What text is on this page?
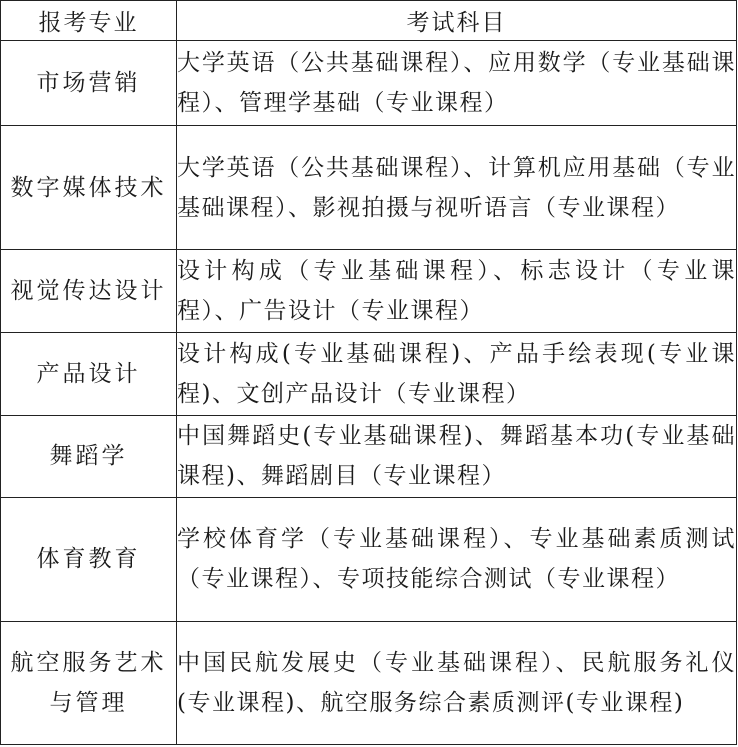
报考专业	考试科目
市场营销	大学英语（公共基础课程）、应用数学（专业基础课程）、管理学基础（专业课程）
数字媒体技术	大学英语（公共基础课程）、计算机应用基础（专业基础课程）、影视拍摄与视听语言（专业课程）
视觉传达设计	设计构成（专业基础课程）、标志设计（专业课程）、广告设计（专业课程）
产品设计	设计构成(专业基础课程)、产品手绘表现(专业课程)、文创产品设计（专业课程）
舞蹈学	中国舞蹈史(专业基础课程)、舞蹈基本功(专业基础课程)、舞蹈剧目（专业课程）
体育教育	学校体育学（专业基础课程）、专业基础素质测试（专业课程）、专项技能综合测试（专业课程）
航空服务艺术与管理	中国民航发展史（专业基础课程）、民航服务礼仪(专业课程)、航空服务综合素质测评(专业课程)
